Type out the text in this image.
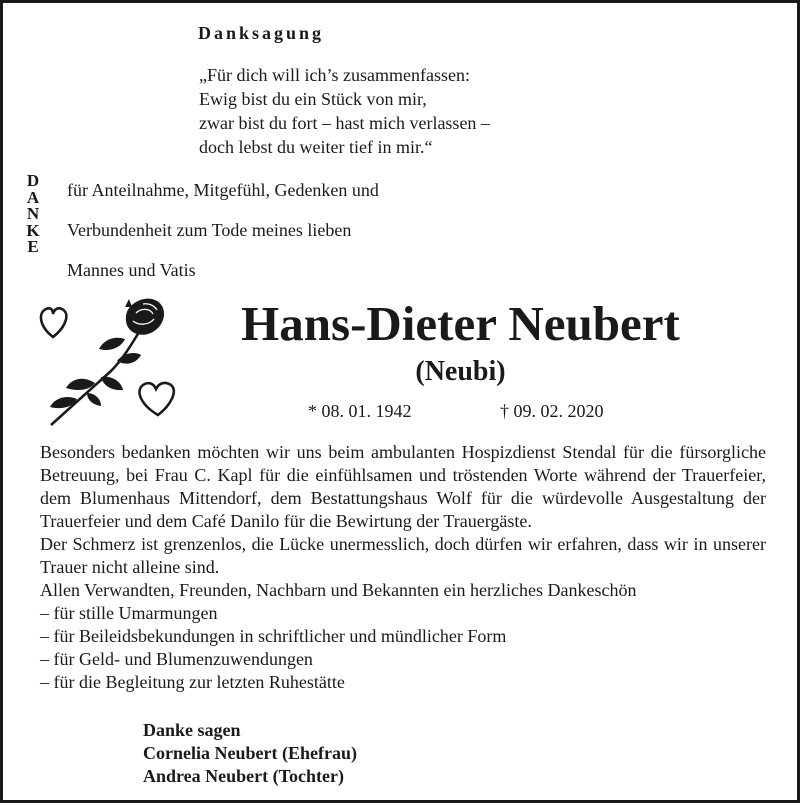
Danksagung
„Für dich will ich’s zusammenfassen:
Ewig bist du ein Stück von mir,
zwar bist du fort – hast mich verlassen –
doch lebst du weiter tief in mir.“
D
A
N
K
E
für Anteilnahme, Mitgefühl, Gedenken und
Verbundenheit zum Tode meines lieben
Mannes und Vatis
Hans-Dieter Neubert
(Neubi)
* 08. 01. 1942	† 09. 02. 2020
Besonders bedanken möchten wir uns beim ambulanten Hospizdienst Stendal für die fürsorgliche Betreuung, bei Frau C. Kapl für die einfühlsamen und tröstenden Worte während der Trauerfeier, dem Blumenhaus Mittendorf, dem Bestattungshaus Wolf für die würdevolle Ausgestaltung der Trauerfeier und dem Café Danilo für die Bewirtung der Trauergäste.
Der Schmerz ist grenzenlos, die Lücke unermesslich, doch dürfen wir erfahren, dass wir in unserer Trauer nicht alleine sind.
Allen Verwandten, Freunden, Nachbarn und Bekannten ein herzliches Dankeschön
– für stille Umarmungen
– für Beileidsbekundungen in schriftlicher und mündlicher Form
– für Geld- und Blumenzuwendungen
– für die Begleitung zur letzten Ruhestätte
Danke sagen
Cornelia Neubert (Ehefrau)
Andrea Neubert (Tochter)
